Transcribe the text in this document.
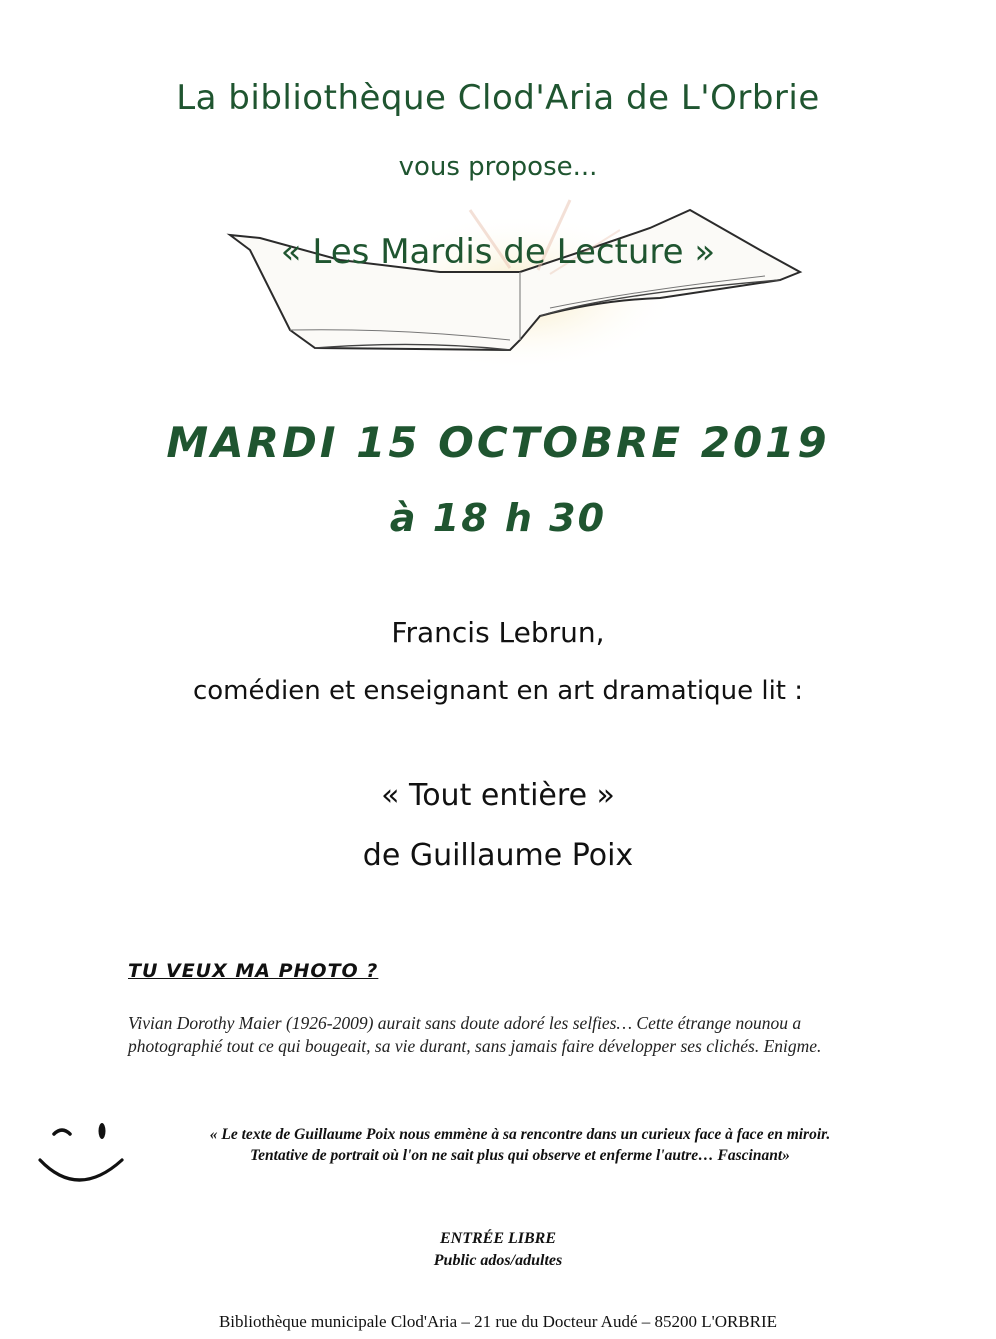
La bibliothèque Clod'Aria de L'Orbrie
vous propose...
« Les Mardis de Lecture »
MARDI 15 OCTOBRE 2019
à 18 h 30
Francis Lebrun,
comédien et enseignant en art dramatique lit :
« Tout entière »
de Guillaume Poix
TU VEUX MA PHOTO ?
Vivian Dorothy Maier (1926-2009) aurait sans doute adoré les selfies… Cette étrange nounou a photographié tout ce qui bougeait, sa vie durant, sans jamais faire développer ses clichés. Enigme.
« Le texte de Guillaume Poix nous emmène à sa rencontre dans un curieux face à face en miroir.
Tentative de portrait où l'on ne sait plus qui observe et enferme l'autre… Fascinant»
ENTRÉE LIBRE
Public ados/adultes
Bibliothèque municipale Clod'Aria – 21 rue du Docteur Audé – 85200 L'ORBRIE
